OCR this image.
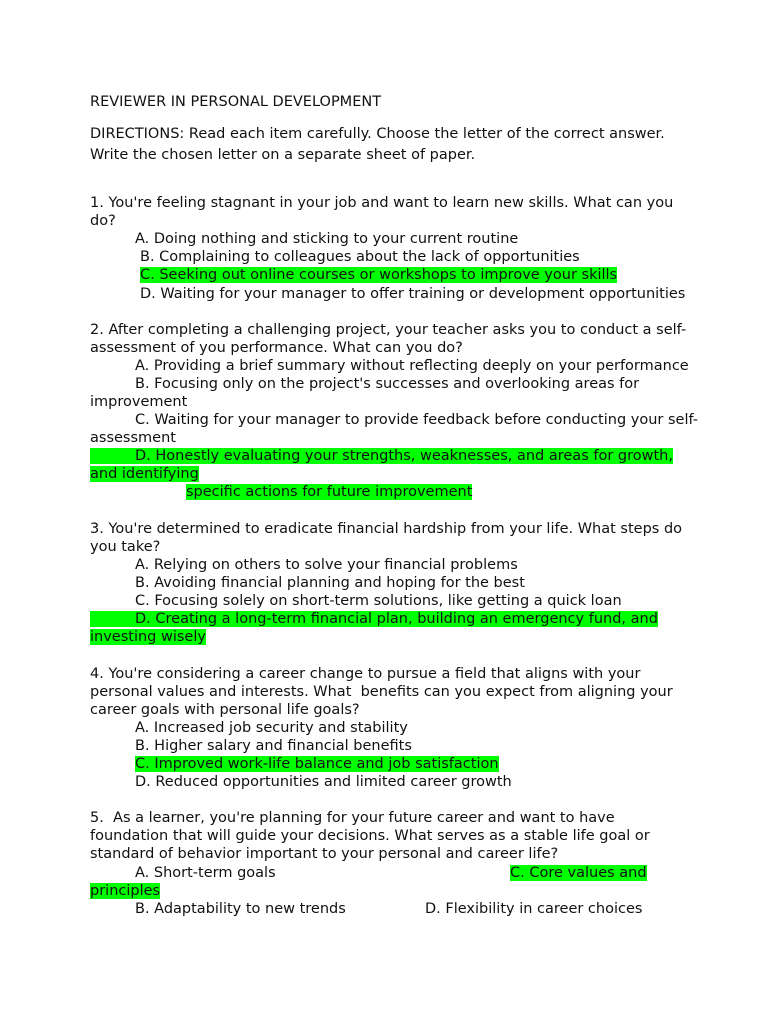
REVIEWER IN PERSONAL DEVELOPMENT
DIRECTIONS: Read each item carefully. Choose the letter of the correct answer.
Write the chosen letter on a separate sheet of paper.
1. You're feeling stagnant in your job and want to learn new skills. What can you
do?
A. Doing nothing and sticking to your current routine
B. Complaining to colleagues about the lack of opportunities
C. Seeking out online courses or workshops to improve your skills
D. Waiting for your manager to offer training or development opportunities
2. After completing a challenging project, your teacher asks you to conduct a self-
assessment of you performance. What can you do?
A. Providing a brief summary without reflecting deeply on your performance
B. Focusing only on the project's successes and overlooking areas for
improvement
C. Waiting for your manager to provide feedback before conducting your self-
assessment
D. Honestly evaluating your strengths, weaknesses, and areas for growth,
and identifying
specific actions for future improvement
3. You're determined to eradicate financial hardship from your life. What steps do
you take?
A. Relying on others to solve your financial problems
B. Avoiding financial planning and hoping for the best
C. Focusing solely on short-term solutions, like getting a quick loan
D. Creating a long-term financial plan, building an emergency fund, and
investing wisely
4. You're considering a career change to pursue a field that aligns with your
personal values and interests. What  benefits can you expect from aligning your
career goals with personal life goals?
A. Increased job security and stability
B. Higher salary and financial benefits
C. Improved work-life balance and job satisfaction
D. Reduced opportunities and limited career growth
5.  As a learner, you're planning for your future career and want to have
foundation that will guide your decisions. What serves as a stable life goal or
standard of behavior important to your personal and career life?
A. Short-term goals	C. Core values and
principles
B. Adaptability to new trends	D. Flexibility in career choices
